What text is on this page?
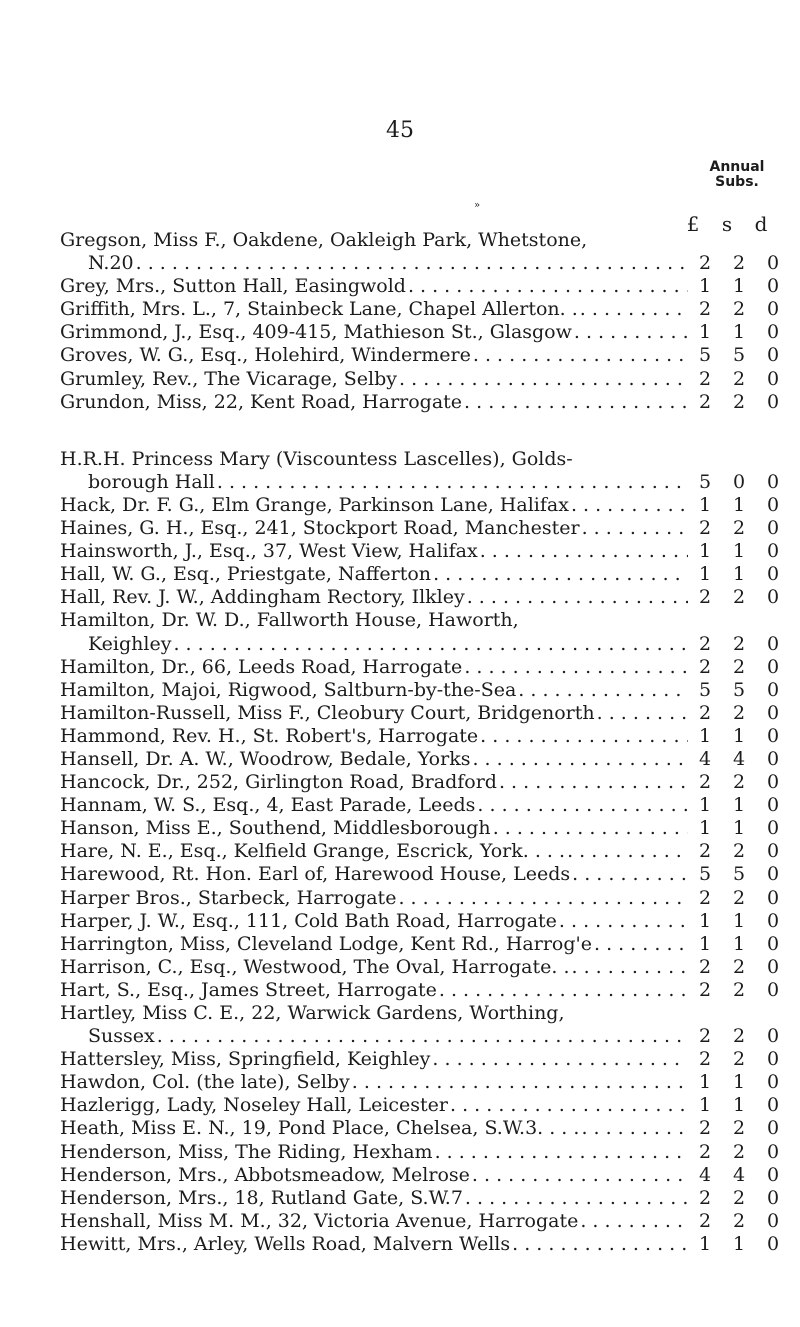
45
Annual
Subs.
»
£ s d
Gregson, Miss F., Oakdene, Oakleigh Park, Whetstone,
N.20 . . .	2	2	0
Grey, Mrs., Sutton Hall, Easingwold . . .	1	1	0
Griffith, Mrs. L., 7, Stainbeck Lane, Chapel Allerton. . . . .	2	2	0
Grimmond, J., Esq., 409-415, Mathieson St., Glasgow . . .	1	1	0
Groves, W. G., Esq., Holehird, Windermere . . .	5	5	0
Grumley, Rev., The Vicarage, Selby . . .	2	2	0
Grundon, Miss, 22, Kent Road, Harrogate . . .	2	2	0
H.R.H. Princess Mary (Viscountess Lascelles), Golds-
borough Hall . . .	5	0	0
Hack, Dr. F. G., Elm Grange, Parkinson Lane, Halifax . . .	1	1	0
Haines, G. H., Esq., 241, Stockport Road, Manchester . . .	2	2	0
Hainsworth, J., Esq., 37, West View, Halifax . . .	1	1	0
Hall, W. G., Esq., Priestgate, Nafferton . . .	1	1	0
Hall, Rev. J. W., Addingham Rectory, Ilkley . . .	2	2	0
Hamilton, Dr. W. D., Fallworth House, Haworth,
Keighley . . .	2	2	0
Hamilton, Dr., 66, Leeds Road, Harrogate . . .	2	2	0
Hamilton, Majoi, Rigwood, Saltburn-by-the-Sea . . .	5	5	0
Hamilton-Russell, Miss F., Cleobury Court, Bridgenorth . . .	2	2	0
Hammond, Rev. H., St. Robert's, Harrogate . . .	1	1	0
Hansell, Dr. A. W., Woodrow, Bedale, Yorks . . .	4	4	0
Hancock, Dr., 252, Girlington Road, Bradford . . .	2	2	0
Hannam, W. S., Esq., 4, East Parade, Leeds . . .	1	1	0
Hanson, Miss E., Southend, Middlesborough . . .	1	1	0
Hare, N. E., Esq., Kelfield Grange, Escrick, York. . . . . . .	2	2	0
Harewood, Rt. Hon. Earl of, Harewood House, Leeds . . .	5	5	0
Harper Bros., Starbeck, Harrogate . . .	2	2	0
Harper, J. W., Esq., 111, Cold Bath Road, Harrogate . . .	1	1	0
Harrington, Miss, Cleveland Lodge, Kent Rd., Harrog'e . . .	1	1	0
Harrison, C., Esq., Westwood, The Oval, Harrogate. . . . .	2	2	0
Hart, S., Esq., James Street, Harrogate . . .	2	2	0
Hartley, Miss C. E., 22, Warwick Gardens, Worthing,
Sussex . . .	2	2	0
Hattersley, Miss, Springfield, Keighley . . .	2	2	0
Hawdon, Col. (the late), Selby . . .	1	1	0
Hazlerigg, Lady, Noseley Hall, Leicester . . .	1	1	0
Heath, Miss E. N., 19, Pond Place, Chelsea, S.W.3. . . . . . .	2	2	0
Henderson, Miss, The Riding, Hexham . . .	2	2	0
Henderson, Mrs., Abbotsmeadow, Melrose . . .	4	4	0
Henderson, Mrs., 18, Rutland Gate, S.W.7 . . .	2	2	0
Henshall, Miss M. M., 32, Victoria Avenue, Harrogate . . .	2	2	0
Hewitt, Mrs., Arley, Wells Road, Malvern Wells . . .	1	1	0
